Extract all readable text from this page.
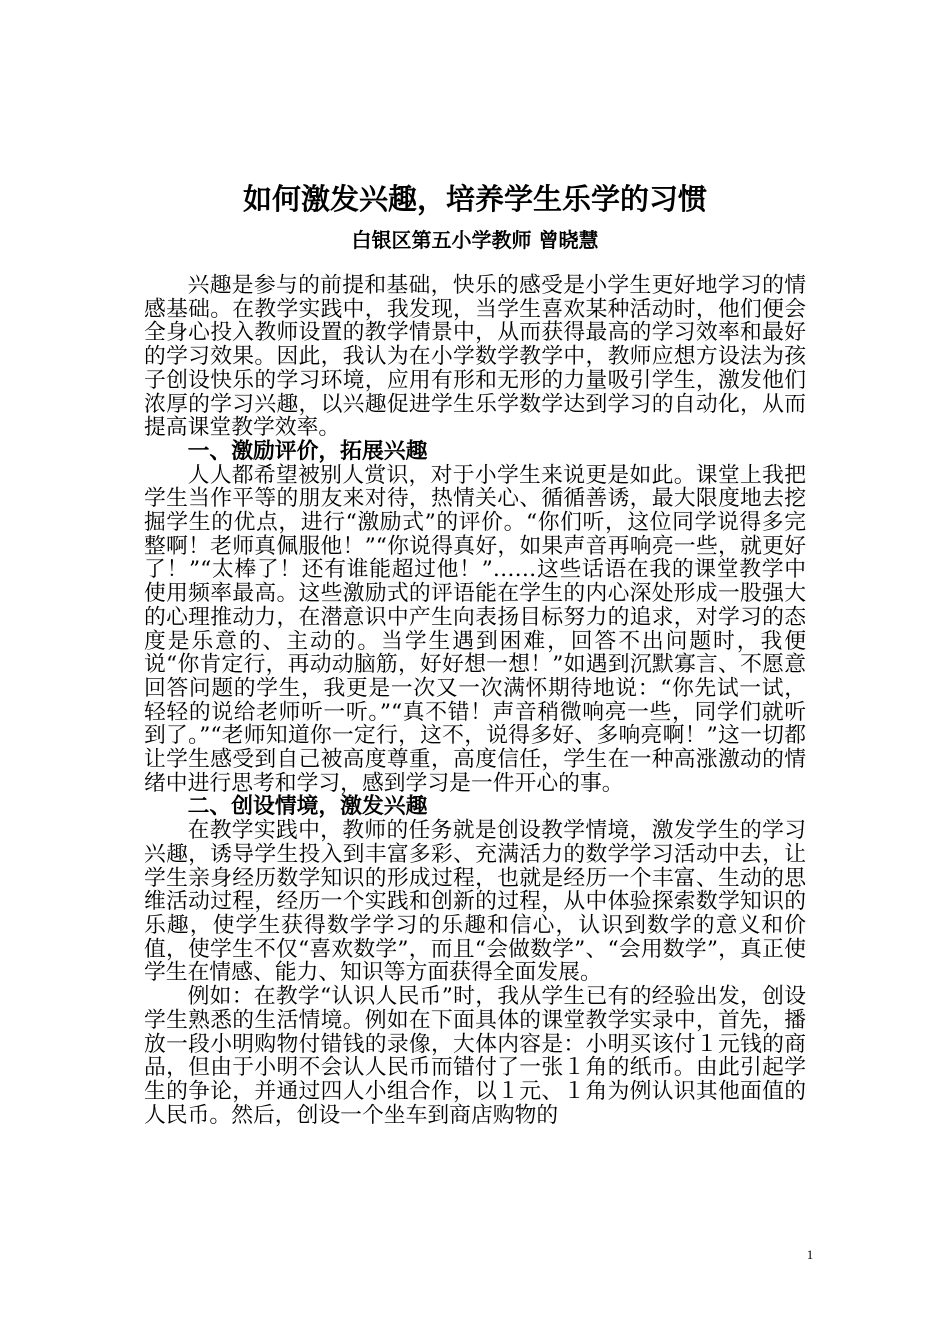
如何激发兴趣，培养学生乐学的习惯
白银区第五小学教师 曾晓慧

兴趣是参与的前提和基础，快乐的感受是小学生更好地学习的情感基础。在教学实践中，我发现，当学生喜欢某种活动时，他们便会全身心投入教师设置的教学情景中，从而获得最高的学习效率和最好的学习效果。因此，我认为在小学数学教学中，教师应想方设法为孩子创设快乐的学习环境，应用有形和无形的力量吸引学生，激发他们浓厚的学习兴趣，以兴趣促进学生乐学数学达到学习的自动化，从而提高课堂教学效率。

一、激励评价，拓展兴趣

人人都希望被别人赏识，对于小学生来说更是如此。课堂上我把学生当作平等的朋友来对待，热情关心、循循善诱，最大限度地去挖掘学生的优点，进行“激励式”的评价。“你们听，这位同学说得多完整啊！老师真佩服他！”“你说得真好，如果声音再响亮一些，就更好了！”“太棒了！还有谁能超过他！”……这些话语在我的课堂教学中使用频率最高。这些激励式的评语能在学生的内心深处形成一股强大的心理推动力，在潜意识中产生向表扬目标努力的追求，对学习的态度是乐意的、主动的。当学生遇到困难，回答不出问题时，我便说“你肯定行，再动动脑筋，好好想一想！”如遇到沉默寡言、不愿意回答问题的学生，我更是一次又一次满怀期待地说：“你先试一试，轻轻的说给老师听一听。”“真不错！声音稍微响亮一些，同学们就听到了。”“老师知道你一定行，这不，说得多好、多响亮啊！”这一切都让学生感受到自己被高度尊重，高度信任，学生在一种高涨激动的情绪中进行思考和学习，感到学习是一件开心的事。

二、创设情境，激发兴趣

在教学实践中，教师的任务就是创设教学情境，激发学生的学习兴趣，诱导学生投入到丰富多彩、充满活力的数学学习活动中去，让学生亲身经历数学知识的形成过程，也就是经历一个丰富、生动的思维活动过程，经历一个实践和创新的过程，从中体验探索数学知识的乐趣，使学生获得数学学习的乐趣和信心，认识到数学的意义和价值，使学生不仅“喜欢数学”，而且“会做数学”、“会用数学”，真正使学生在情感、能力、知识等方面获得全面发展。

例如：在教学“认识人民币”时，我从学生已有的经验出发，创设学生熟悉的生活情境。例如在下面具体的课堂教学实录中，首先，播放一段小明购物付错钱的录像，大体内容是：小明买该付１元钱的商品，但由于小明不会认人民币而错付了一张１角的纸币。由此引起学生的争论，并通过四人小组合作，以１元、１角为例认识其他面值的人民币。然后，创设一个坐车到商店购物的

1
